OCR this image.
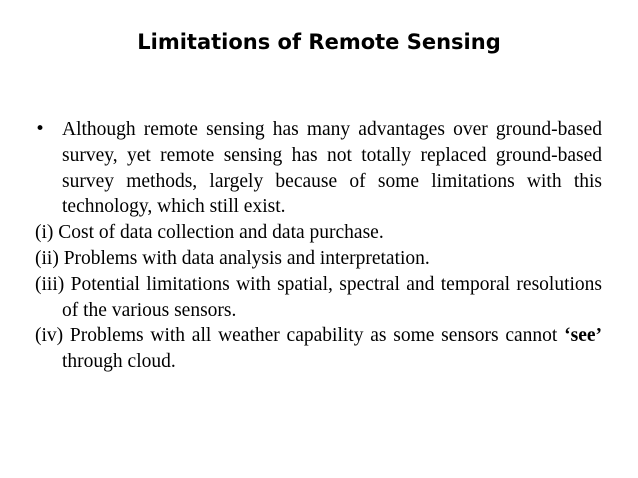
Limitations of Remote Sensing

• Although remote sensing has many advantages over ground-based survey, yet remote sensing has not totally replaced ground-based survey methods, largely because of some limitations with this technology, which still exist.

(i) Cost of data collection and data purchase.

(ii) Problems with data analysis and interpretation.

(iii) Potential limitations with spatial, spectral and temporal resolutions of the various sensors.

(iv) Problems with all weather capability as some sensors cannot ‘see’ through cloud.
